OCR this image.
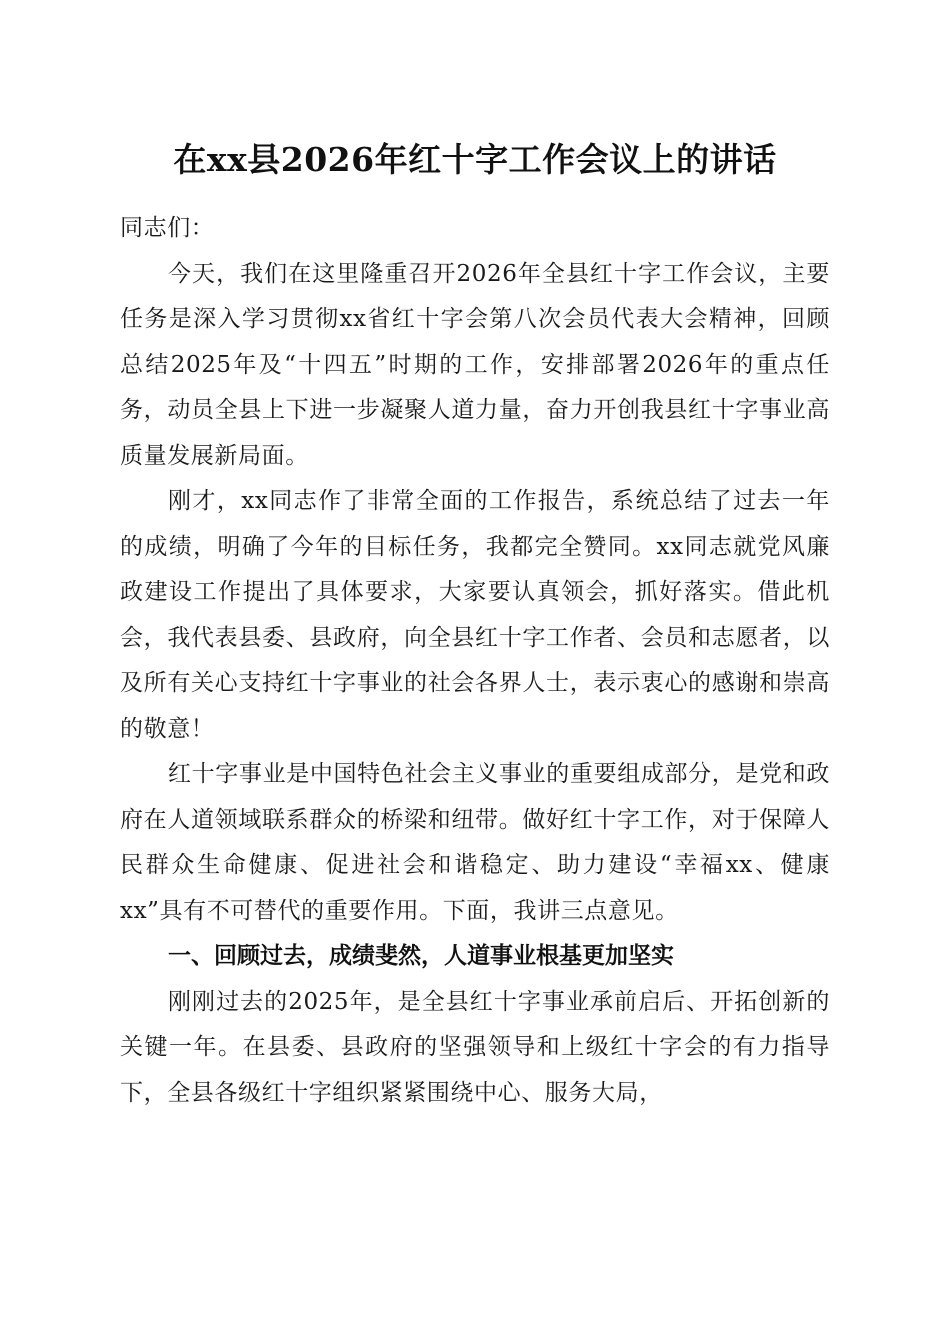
在xx县2026年红十字工作会议上的讲话

同志们：

今天，我们在这里隆重召开2026年全县红十字工作会议，主要任务是深入学习贯彻xx省红十字会第八次会员代表大会精神，回顾总结2025年及“十四五”时期的工作，安排部署2026年的重点任务，动员全县上下进一步凝聚人道力量，奋力开创我县红十字事业高质量发展新局面。

刚才，xx同志作了非常全面的工作报告，系统总结了过去一年的成绩，明确了今年的目标任务，我都完全赞同。xx同志就党风廉政建设工作提出了具体要求，大家要认真领会，抓好落实。借此机会，我代表县委、县政府，向全县红十字工作者、会员和志愿者，以及所有关心支持红十字事业的社会各界人士，表示衷心的感谢和崇高的敬意！

红十字事业是中国特色社会主义事业的重要组成部分，是党和政府在人道领域联系群众的桥梁和纽带。做好红十字工作，对于保障人民群众生命健康、促进社会和谐稳定、助力建设“幸福xx、健康xx”具有不可替代的重要作用。下面，我讲三点意见。

一、回顾过去，成绩斐然，人道事业根基更加坚实

刚刚过去的2025年，是全县红十字事业承前启后、开拓创新的关键一年。在县委、县政府的坚强领导和上级红十字会的有力指导下，全县各级红十字组织紧紧围绕中心、服务大局，
